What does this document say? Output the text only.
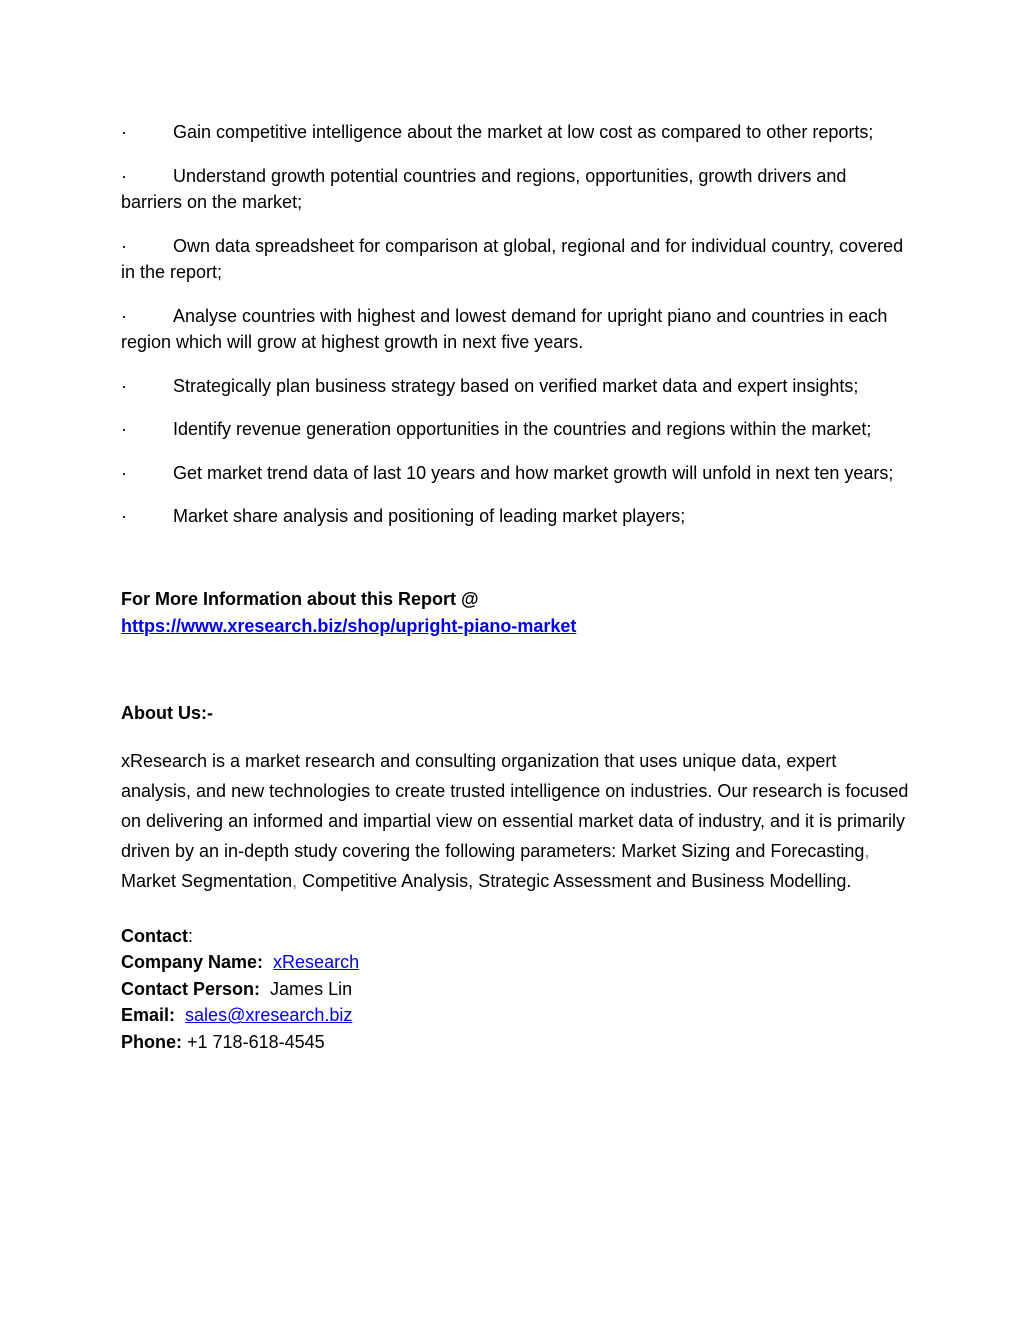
·	Gain competitive intelligence about the market at low cost as compared to other reports;
·	Understand growth potential countries and regions, opportunities, growth drivers and barriers on the market;
·	Own data spreadsheet for comparison at global, regional and for individual country, covered in the report;
·	Analyse countries with highest and lowest demand for upright piano and countries in each region which will grow at highest growth in next five years.
·	Strategically plan business strategy based on verified market data and expert insights;
·	Identify revenue generation opportunities in the countries and regions within the market;
·	Get market trend data of last 10 years and how market growth will unfold in next ten years;
·	Market share analysis and positioning of leading market players;
For More Information about this Report @
https://www.xresearch.biz/shop/upright-piano-market
About Us:-
xResearch is a market research and consulting organization that uses unique data, expert analysis, and new technologies to create trusted intelligence on industries. Our research is focused on delivering an informed and impartial view on essential market data of industry, and it is primarily driven by an in-depth study covering the following parameters: Market Sizing and Forecasting, Market Segmentation, Competitive Analysis, Strategic Assessment and Business Modelling.
Contact:
Company Name: xResearch
Contact Person: James Lin
Email: sales@xresearch.biz
Phone: +1 718-618-4545
